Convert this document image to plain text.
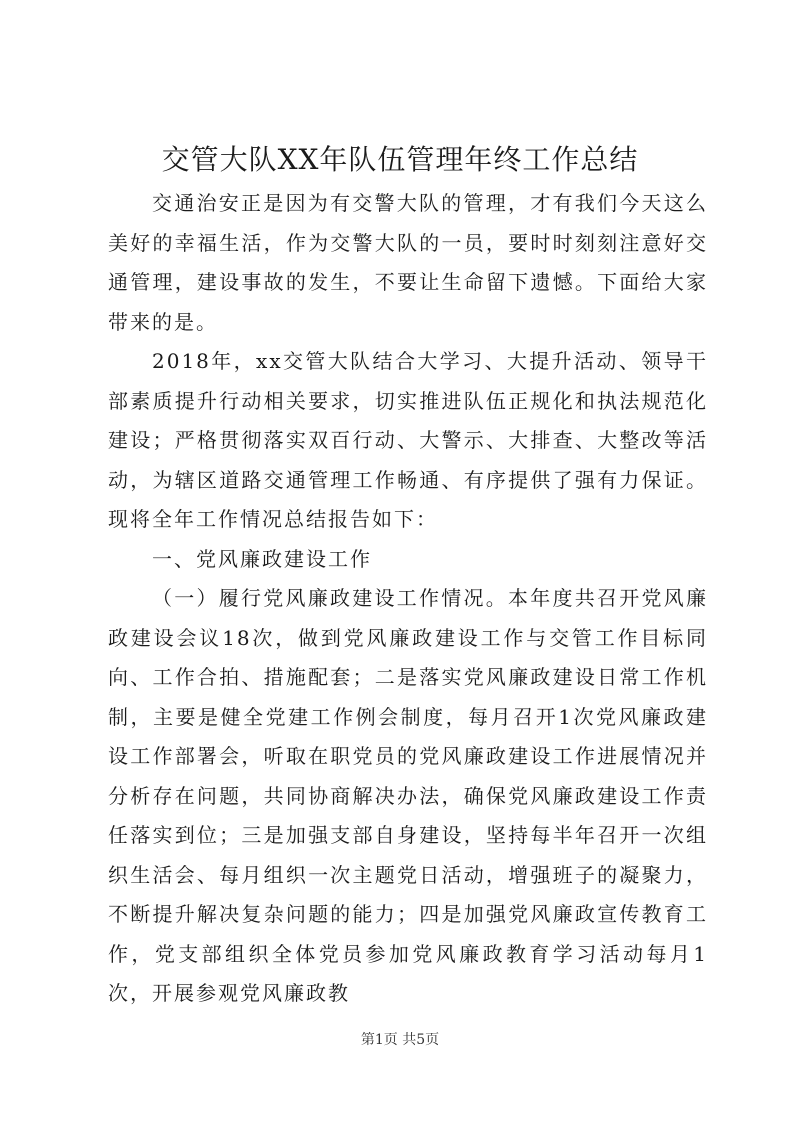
交管大队XX年队伍管理年终工作总结

交通治安正是因为有交警大队的管理，才有我们今天这么美好的幸福生活，作为交警大队的一员，要时时刻刻注意好交通管理，建设事故的发生，不要让生命留下遗憾。下面给大家带来的是。

2018年，xx交管大队结合大学习、大提升活动、领导干部素质提升行动相关要求，切实推进队伍正规化和执法规范化建设；严格贯彻落实双百行动、大警示、大排查、大整改等活动，为辖区道路交通管理工作畅通、有序提供了强有力保证。现将全年工作情况总结报告如下：

一、党风廉政建设工作

（一）履行党风廉政建设工作情况。本年度共召开党风廉政建设会议18次，做到党风廉政建设工作与交管工作目标同向、工作合拍、措施配套；二是落实党风廉政建设日常工作机制，主要是健全党建工作例会制度，每月召开1次党风廉政建设工作部署会，听取在职党员的党风廉政建设工作进展情况并分析存在问题，共同协商解决办法，确保党风廉政建设工作责任落实到位；三是加强支部自身建设，坚持每半年召开一次组织生活会、每月组织一次主题党日活动，增强班子的凝聚力，不断提升解决复杂问题的能力；四是加强党风廉政宣传教育工作，党支部组织全体党员参加党风廉政教育学习活动每月1次，开展参观党风廉政教

第1页 共5页
